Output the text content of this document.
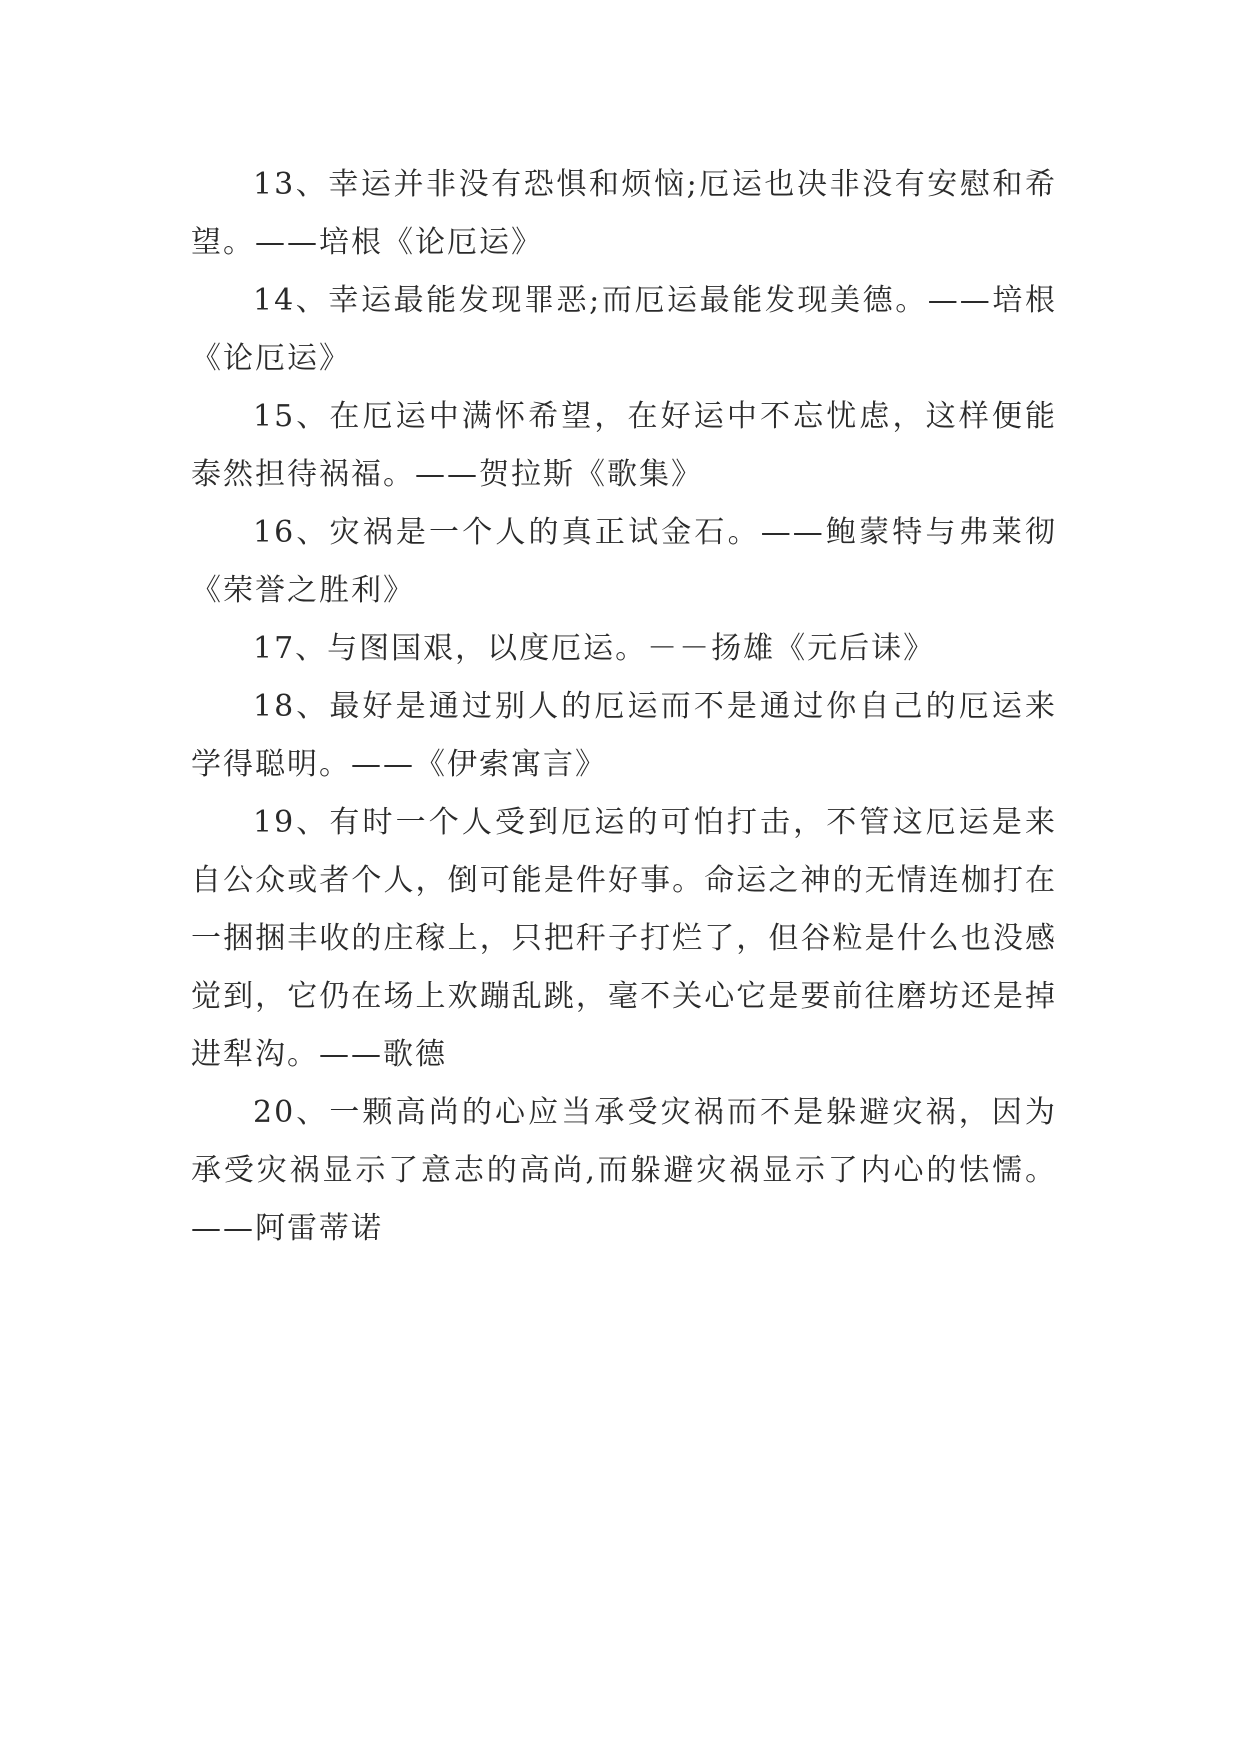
13、幸运并非没有恐惧和烦恼;厄运也决非没有安慰和希望。——培根《论厄运》

14、幸运最能发现罪恶;而厄运最能发现美德。——培根《论厄运》

15、在厄运中满怀希望，在好运中不忘忧虑，这样便能泰然担待祸福。——贺拉斯《歌集》

16、灾祸是一个人的真正试金石。——鲍蒙特与弗莱彻《荣誉之胜利》

17、与图国艰，以度厄运。－－扬雄《元后诔》

18、最好是通过别人的厄运而不是通过你自己的厄运来学得聪明。——《伊索寓言》

19、有时一个人受到厄运的可怕打击，不管这厄运是来自公众或者个人，倒可能是件好事。命运之神的无情连枷打在一捆捆丰收的庄稼上，只把秆子打烂了，但谷粒是什么也没感觉到，它仍在场上欢蹦乱跳，毫不关心它是要前往磨坊还是掉进犁沟。——歌德

20、一颗高尚的心应当承受灾祸而不是躲避灾祸，因为承受灾祸显示了意志的高尚,而躲避灾祸显示了内心的怯懦。——阿雷蒂诺
